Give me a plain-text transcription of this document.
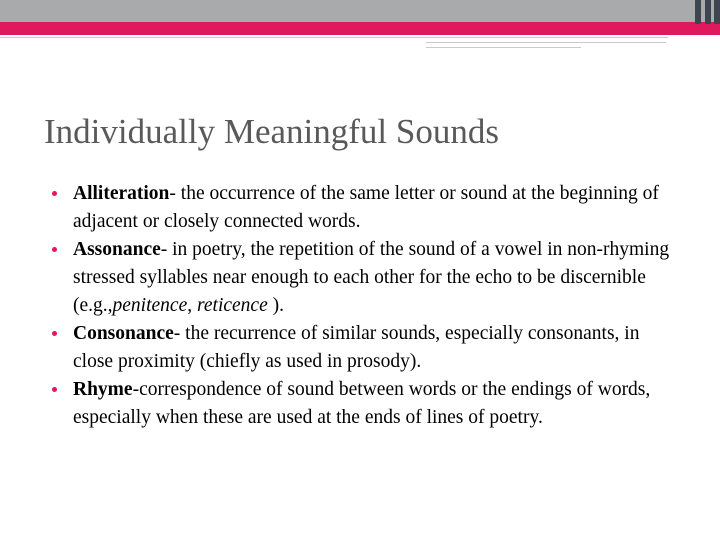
Individually Meaningful Sounds
Alliteration- the occurrence of the same letter or sound at the beginning of adjacent or closely connected words.
Assonance- in poetry, the repetition of the sound of a vowel in non-rhyming stressed syllables near enough to each other for the echo to be discernible (e.g.,penitence, reticence ).
Consonance- the recurrence of similar sounds, especially consonants, in close proximity (chiefly as used in prosody).
Rhyme-correspondence of sound between words or the endings of words, especially when these are used at the ends of lines of poetry.
